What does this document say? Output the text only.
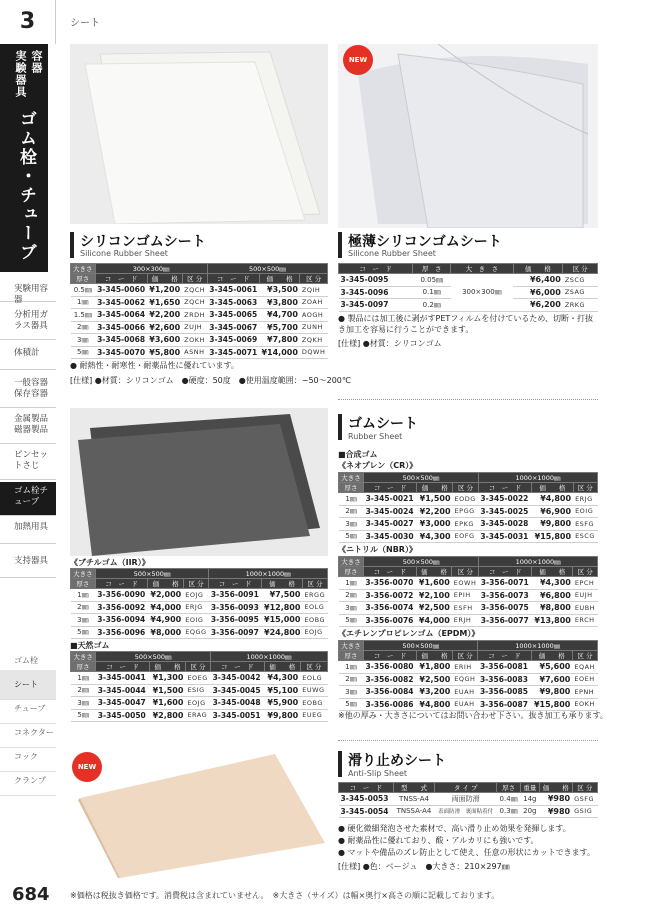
3	シート
実験器具 容器
ゴム栓・チューブ
実験用容器
分析用ガラス器具
体積計
一般容器保存容器
金属製品磁器製品
ピンセットさじ
ゴム栓チューブ
加熱用具
支持器具
ゴム栓
シート
チューブ
コネクター
コック
クランプ
684	※価格は税抜き価格です。消費税は含まれていません。　※大きさ（サイズ）は幅×奥行×高さの順に記載しております。
NEW
シリコンゴムシート
Silicone Rubber Sheet
大きさ	300×300㎜			500×500㎜		
厚さ	コ　ー　ド	価　　格	区 分	コ　ー　ド	価　　格	区 分
0.5㎜	3-345-0060	¥1,200	ZQCH	3-345-0061	¥3,500	ZQIH
1㎜	3-345-0062	¥1,650	ZQCH	3-345-0063	¥3,800	ZOAH
1.5㎜	3-345-0064	¥2,200	ZRDH	3-345-0065	¥4,700	AOGH
2㎜	3-345-0066	¥2,600	ZUJH	3-345-0067	¥5,700	ZUNH
3㎜	3-345-0068	¥3,600	ZOKH	3-345-0069	¥7,800	ZQKH
5㎜	3-345-0070	¥5,800	ASNH	3-345-0071	¥14,000	DQWH
● 耐熱性・耐寒性・耐薬品性に優れています。
[仕様] ●材質：シリコンゴム　●硬度：50度　●使用温度範囲：−50〜200℃
極薄シリコンゴムシート
Silicone Rubber Sheet
コ　ー　ド	厚　さ	大　き　さ	価　　格	区 分
3-345-0095	0.05㎜	300×300㎜	¥6,400	ZSCG
3-345-0096	0.1㎜		¥6,000	ZSAG
3-345-0097	0.2㎜		¥6,200	ZRKG
● 製品には加工後に剥がすPETフィルムを付けているため、切断・打抜き加工を容易に行うことができます。
[仕様] ●材質：シリコンゴム
ゴムシート
Rubber Sheet
■合成ゴム
《ネオプレン（CR）》
大きさ	500×500㎜			1000×1000㎜		
厚さ	コ　ー　ド	価　　格	区 分	コ　ー　ド	価　　格	区 分
1㎜	3-345-0021	¥1,500	EODG	3-345-0022	¥4,800	ERJG
2㎜	3-345-0024	¥2,200	EPGG	3-345-0025	¥6,900	EOIG
3㎜	3-345-0027	¥3,000	EPKG	3-345-0028	¥9,800	ESFG
5㎜	3-345-0030	¥4,300	EOFG	3-345-0031	¥15,800	ESCG
《ニトリル（NBR）》
大きさ	500×500㎜			1000×1000㎜		
厚さ	コ　ー　ド	価　　格	区 分	コ　ー　ド	価　　格	区 分
1㎜	3-356-0070	¥1,600	EOWH	3-356-0071	¥4,300	EPCH
2㎜	3-356-0072	¥2,100	EPIH	3-356-0073	¥6,800	EUJH
3㎜	3-356-0074	¥2,500	ESFH	3-356-0075	¥8,800	EUBH
5㎜	3-356-0076	¥4,000	ERJH	3-356-0077	¥13,800	ERCH
《エチレンプロピレンゴム（EPDM）》
大きさ	500×500㎜			1000×1000㎜		
厚さ	コ　ー　ド	価　　格	区 分	コ　ー　ド	価　　格	区 分
1㎜	3-356-0080	¥1,800	ERIH	3-356-0081	¥5,600	EQAH
2㎜	3-356-0082	¥2,500	EQGH	3-356-0083	¥7,600	EOEH
3㎜	3-356-0084	¥3,200	EUAH	3-356-0085	¥9,800	EPNH
5㎜	3-356-0086	¥4,800	EUAH	3-356-0087	¥15,800	EOKH
※他の厚み・大きさについてはお問い合わせ下さい。抜き加工も承ります。
《ブチルゴム（IIR）》
大きさ	500×500㎜			1000×1000㎜		
厚さ	コ　ー　ド	価　　格	区 分	コ　ー　ド	価　　格	区 分
1㎜	3-356-0090	¥2,000	EOJG	3-356-0091	¥7,500	ERGG
2㎜	3-356-0092	¥4,000	ERJG	3-356-0093	¥12,800	EOLG
3㎜	3-356-0094	¥4,900	EOIG	3-356-0095	¥15,000	EOBG
5㎜	3-356-0096	¥8,000	EQGG	3-356-0097	¥24,800	EOJG
■天然ゴム
大きさ	500×500㎜			1000×1000㎜		
厚さ	コ　ー　ド	価　　格	区 分	コ　ー　ド	価　　格	区 分
1㎜	3-345-0041	¥1,300	EOEG	3-345-0042	¥4,300	EOLG
2㎜	3-345-0044	¥1,500	ESIG	3-345-0045	¥5,100	EUWG
3㎜	3-345-0047	¥1,600	EOJG	3-345-0048	¥5,900	EOBG
5㎜	3-345-0050	¥2,800	ERAG	3-345-0051	¥9,800	EUEG
NEW	滑り止めシート
Anti-Slip Sheet
コ　ー　ド	型　　式	タ イ プ	厚さ	重量	価　　格	区 分
3-345-0053	TNSS-A4	両面防滑	0.4㎜	14g	¥980	GSFG
3-345-0054	TNSSA-A4	表面防滑　裏面粘着付	0.3㎜	20g	¥980	GSIG
● 硬化微細発泡させた素材で、高い滑り止め効果を発揮します。
● 耐薬品性に優れており、酸・アルカリにも強いです。
● マットや備品のズレ防止として使え、任意の形状にカットできます。
[仕様] ●色：ベージュ　●大きさ：210×297㎜
